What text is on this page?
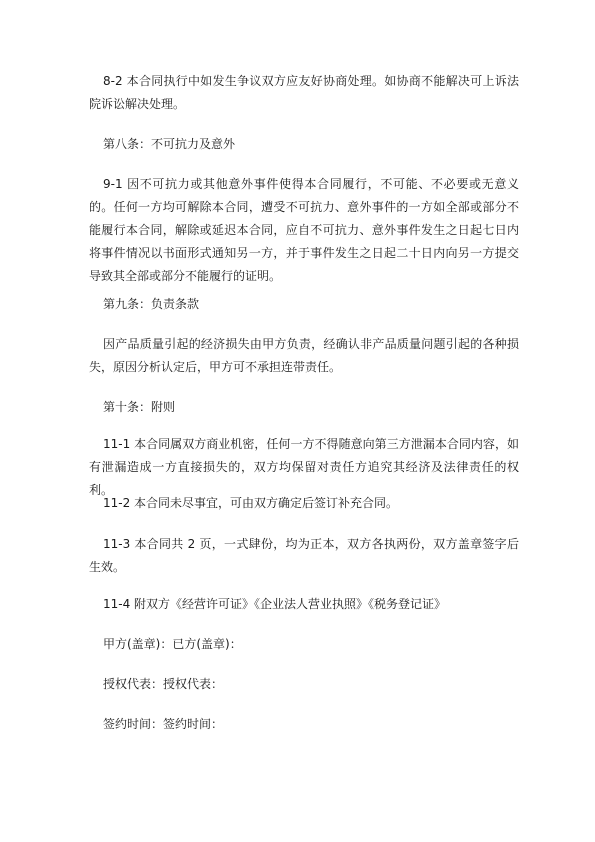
8-2 本合同执行中如发生争议双方应友好协商处理。如协商不能解决可上诉法院诉讼解决处理。

第八条：不可抗力及意外

9-1 因不可抗力或其他意外事件使得本合同履行，不可能、不必要或无意义的。任何一方均可解除本合同，遭受不可抗力、意外事件的一方如全部或部分不能履行本合同，解除或延迟本合同，应自不可抗力、意外事件发生之日起七日内将事件情况以书面形式通知另一方，并于事件发生之日起二十日内向另一方提交导致其全部或部分不能履行的证明。

第九条：负责条款

因产品质量引起的经济损失由甲方负责，经确认非产品质量问题引起的各种损失，原因分析认定后，甲方可不承担连带责任。

第十条：附则

11-1 本合同属双方商业机密，任何一方不得随意向第三方泄漏本合同内容，如有泄漏造成一方直接损失的，双方均保留对责任方追究其经济及法律责任的权利。

11-2 本合同未尽事宜，可由双方确定后签订补充合同。

11-3 本合同共 2 页，一式肆份，均为正本，双方各执两份，双方盖章签字后生效。

11-4 附双方《经营许可证》《企业法人营业执照》《税务登记证》

甲方(盖章)：已方(盖章)：

授权代表：授权代表：

签约时间：签约时间：
